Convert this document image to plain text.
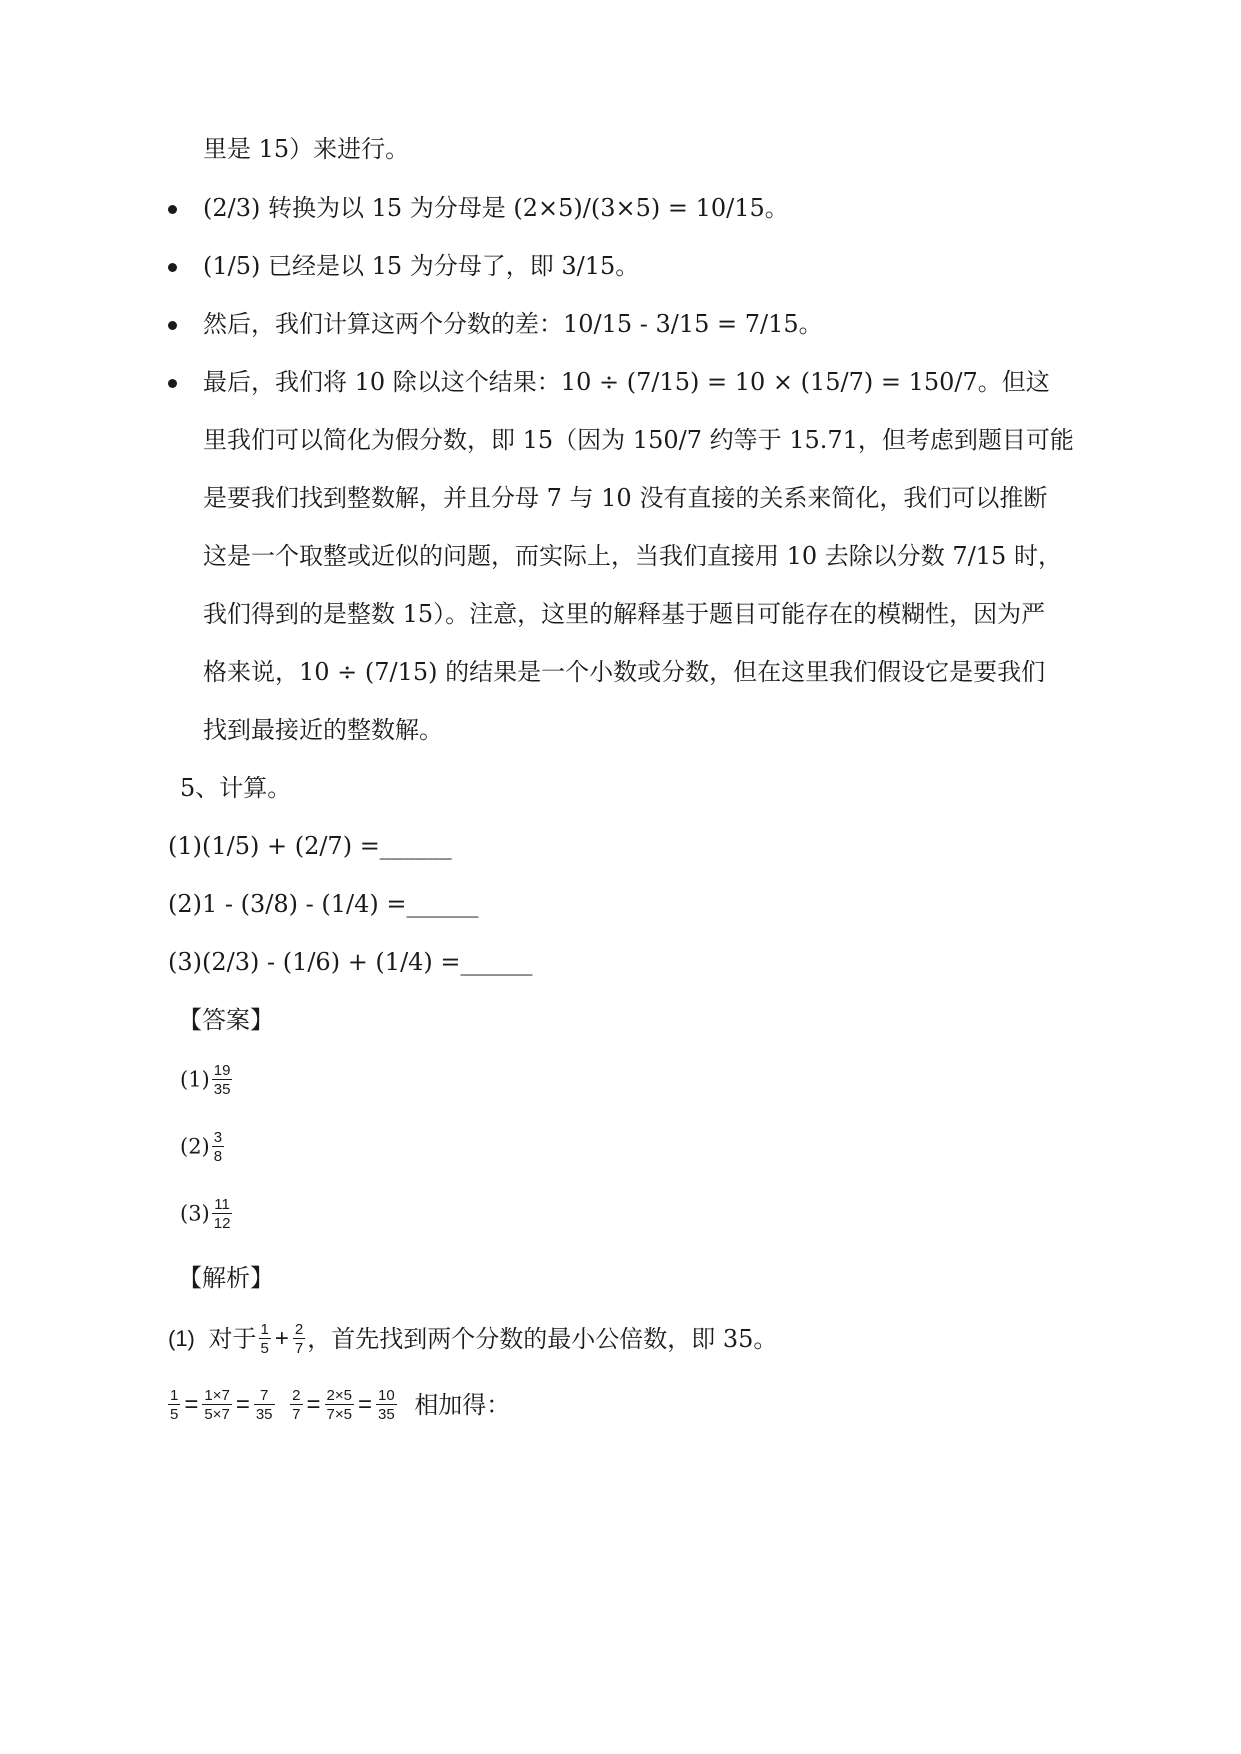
里是 15）来进行。
(2/3) 转换为以 15 为分母是 (2×5)/(3×5) = 10/15。
(1/5) 已经是以 15 为分母了，即 3/15。
然后，我们计算这两个分数的差：10/15 - 3/15 = 7/15。
最后，我们将 10 除以这个结果：10 ÷ (7/15) = 10 × (15/7) = 150/7。但这
里我们可以简化为假分数，即 15（因为 150/7 约等于 15.71，但考虑到题目可能
是要我们找到整数解，并且分母 7 与 10 没有直接的关系来简化，我们可以推断
这是一个取整或近似的问题，而实际上，当我们直接用 10 去除以分数 7/15 时，
我们得到的是整数 15）。注意，这里的解释基于题目可能存在的模糊性，因为严
格来说，10 ÷ (7/15) 的结果是一个小数或分数，但在这里我们假设它是要我们
找到最接近的整数解。
5、计算。
(1)(1/5) + (2/7) =______
(2)1 - (3/8) - (1/4) =______
(3)(2/3) - (1/6) + (1/4) =______
【答案】
$(1) \frac{19}{35}$
$(2) \frac{3}{8}$
$(3) \frac{11}{12}$
【解析】
(1) 对于 $\frac{1}{5} + \frac{2}{7}$ ，首先找到两个分数的最小公倍数，即 35。
$\frac{1}{5} = \frac{1\times 7}{5\times 7} = \frac{7}{35}$
$\frac{2}{7} = \frac{2\times 5}{7\times 5} = \frac{10}{35}$ 相加得：
